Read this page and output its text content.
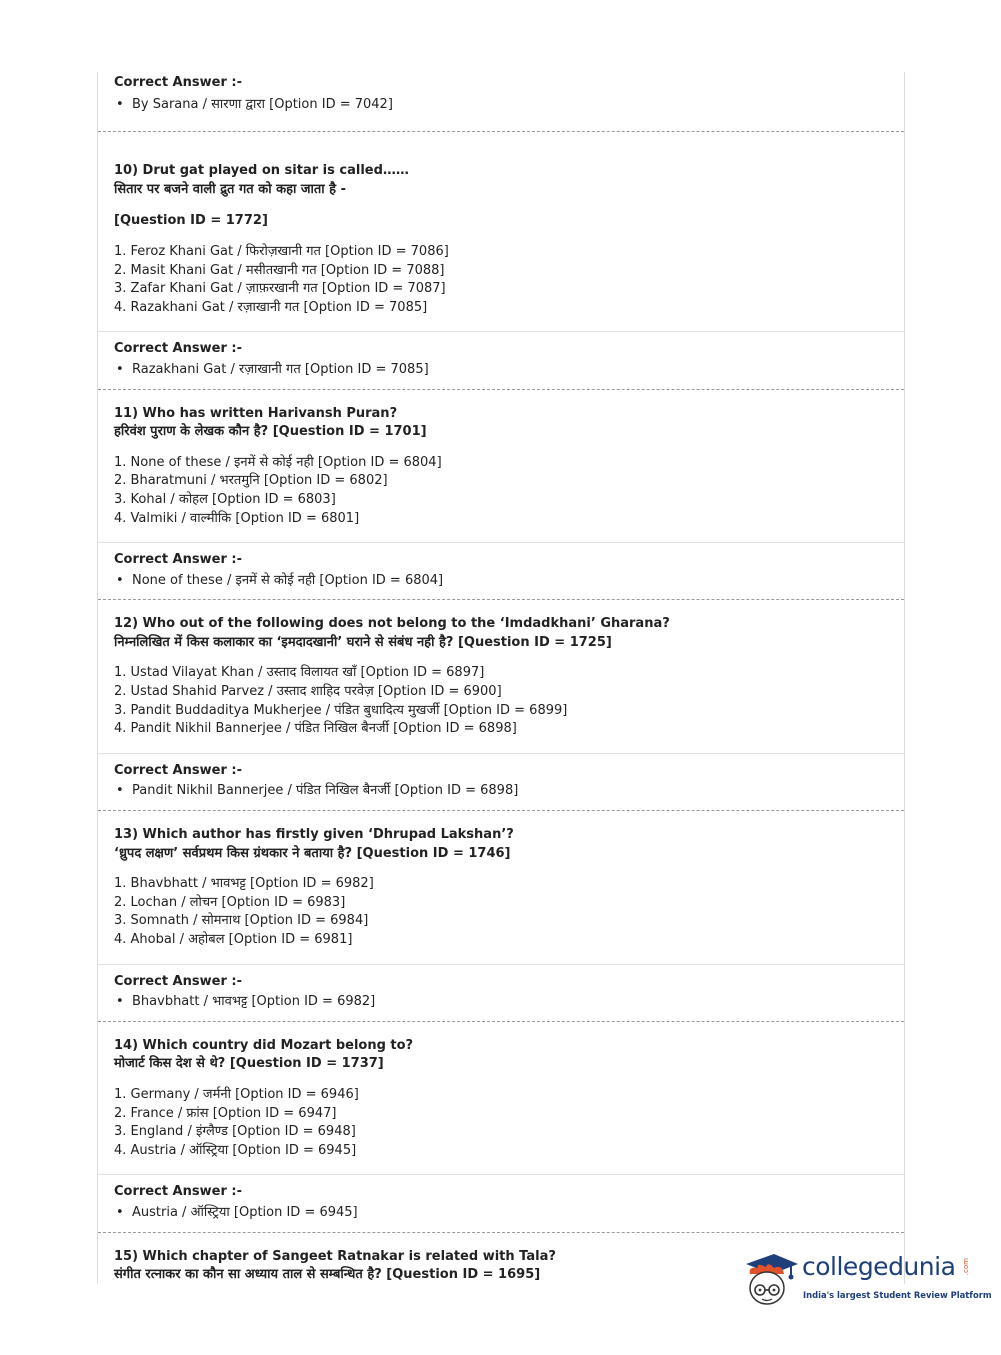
Correct Answer :-
• By Sarana / सारणा द्वारा [Option ID = 7042]
10) Drut gat played on sitar is called……
सितार पर बजने वाली द्रुत गत को कहा जाता है -
[Question ID = 1772]
1. Feroz Khani Gat / फिरोज़खानी गत [Option ID = 7086]
2. Masit Khani Gat / मसीतखानी गत [Option ID = 7088]
3. Zafar Khani Gat / ज़ाफ़रखानी गत [Option ID = 7087]
4. Razakhani Gat / रज़ाखानी गत [Option ID = 7085]
Correct Answer :-
• Razakhani Gat / रज़ाखानी गत [Option ID = 7085]
11) Who has written Harivansh Puran?
हरिवंश पुराण के लेखक कौन है? [Question ID = 1701]
1. None of these / इनमें से कोई नही [Option ID = 6804]
2. Bharatmuni / भरतमुनि [Option ID = 6802]
3. Kohal / कोहल [Option ID = 6803]
4. Valmiki / वाल्मीकि [Option ID = 6801]
Correct Answer :-
• None of these / इनमें से कोई नही [Option ID = 6804]
12) Who out of the following does not belong to the ‘Imdadkhani’ Gharana?
निम्नलिखित में किस कलाकार का ‘इमदादखानी’ घराने से संबंध नही है? [Question ID = 1725]
1. Ustad Vilayat Khan / उस्ताद विलायत खाँ [Option ID = 6897]
2. Ustad Shahid Parvez / उस्ताद शाहिद परवेज़ [Option ID = 6900]
3. Pandit Buddaditya Mukherjee / पंडित बुधादित्य मुखर्जी [Option ID = 6899]
4. Pandit Nikhil Bannerjee / पंडित निखिल बैनर्जी [Option ID = 6898]
Correct Answer :-
• Pandit Nikhil Bannerjee / पंडित निखिल बैनर्जी [Option ID = 6898]
13) Which author has firstly given ‘Dhrupad Lakshan’?
‘ध्रुपद लक्षण’ सर्वप्रथम किस ग्रंथकार ने बताया है? [Question ID = 1746]
1. Bhavbhatt / भावभट्ट [Option ID = 6982]
2. Lochan / लोचन [Option ID = 6983]
3. Somnath / सोमनाथ [Option ID = 6984]
4. Ahobal / अहोबल [Option ID = 6981]
Correct Answer :-
• Bhavbhatt / भावभट्ट [Option ID = 6982]
14) Which country did Mozart belong to?
मोजार्ट किस देश से थे? [Question ID = 1737]
1. Germany / जर्मनी [Option ID = 6946]
2. France / फ्रांस [Option ID = 6947]
3. England / इंग्लैण्ड [Option ID = 6948]
4. Austria / ऑस्ट्रिया [Option ID = 6945]
Correct Answer :-
• Austria / ऑस्ट्रिया [Option ID = 6945]
15) Which chapter of Sangeet Ratnakar is related with Tala?
संगीत रत्नाकर का कौन सा अध्याय ताल से सम्बन्धित है? [Question ID = 1695]	collegedunia .com
India's largest Student Review Platform
